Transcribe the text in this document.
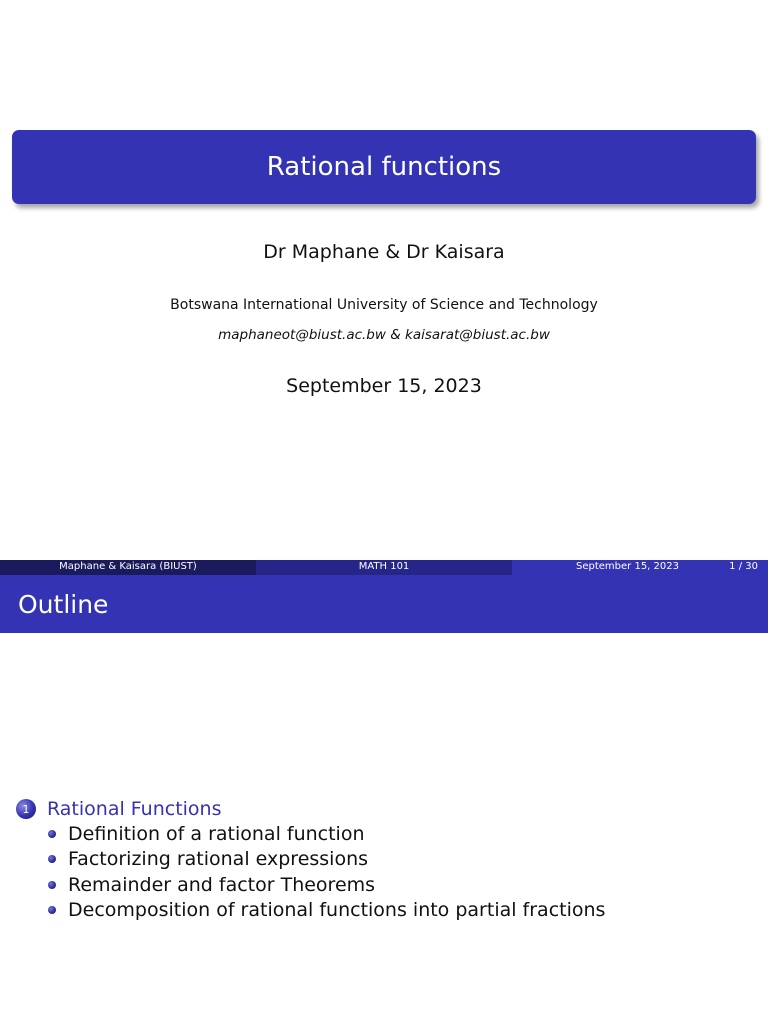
Rational functions
Dr Maphane & Dr Kaisara
Botswana International University of Science and Technology
maphaneot@biust.ac.bw & kaisarat@biust.ac.bw
September 15, 2023
Maphane & Kaisara (BIUST)	MATH 101	September 15, 2023	1 / 30
Outline
1 Rational Functions
Definition of a rational function
Factorizing rational expressions
Remainder and factor Theorems
Decomposition of rational functions into partial fractions
